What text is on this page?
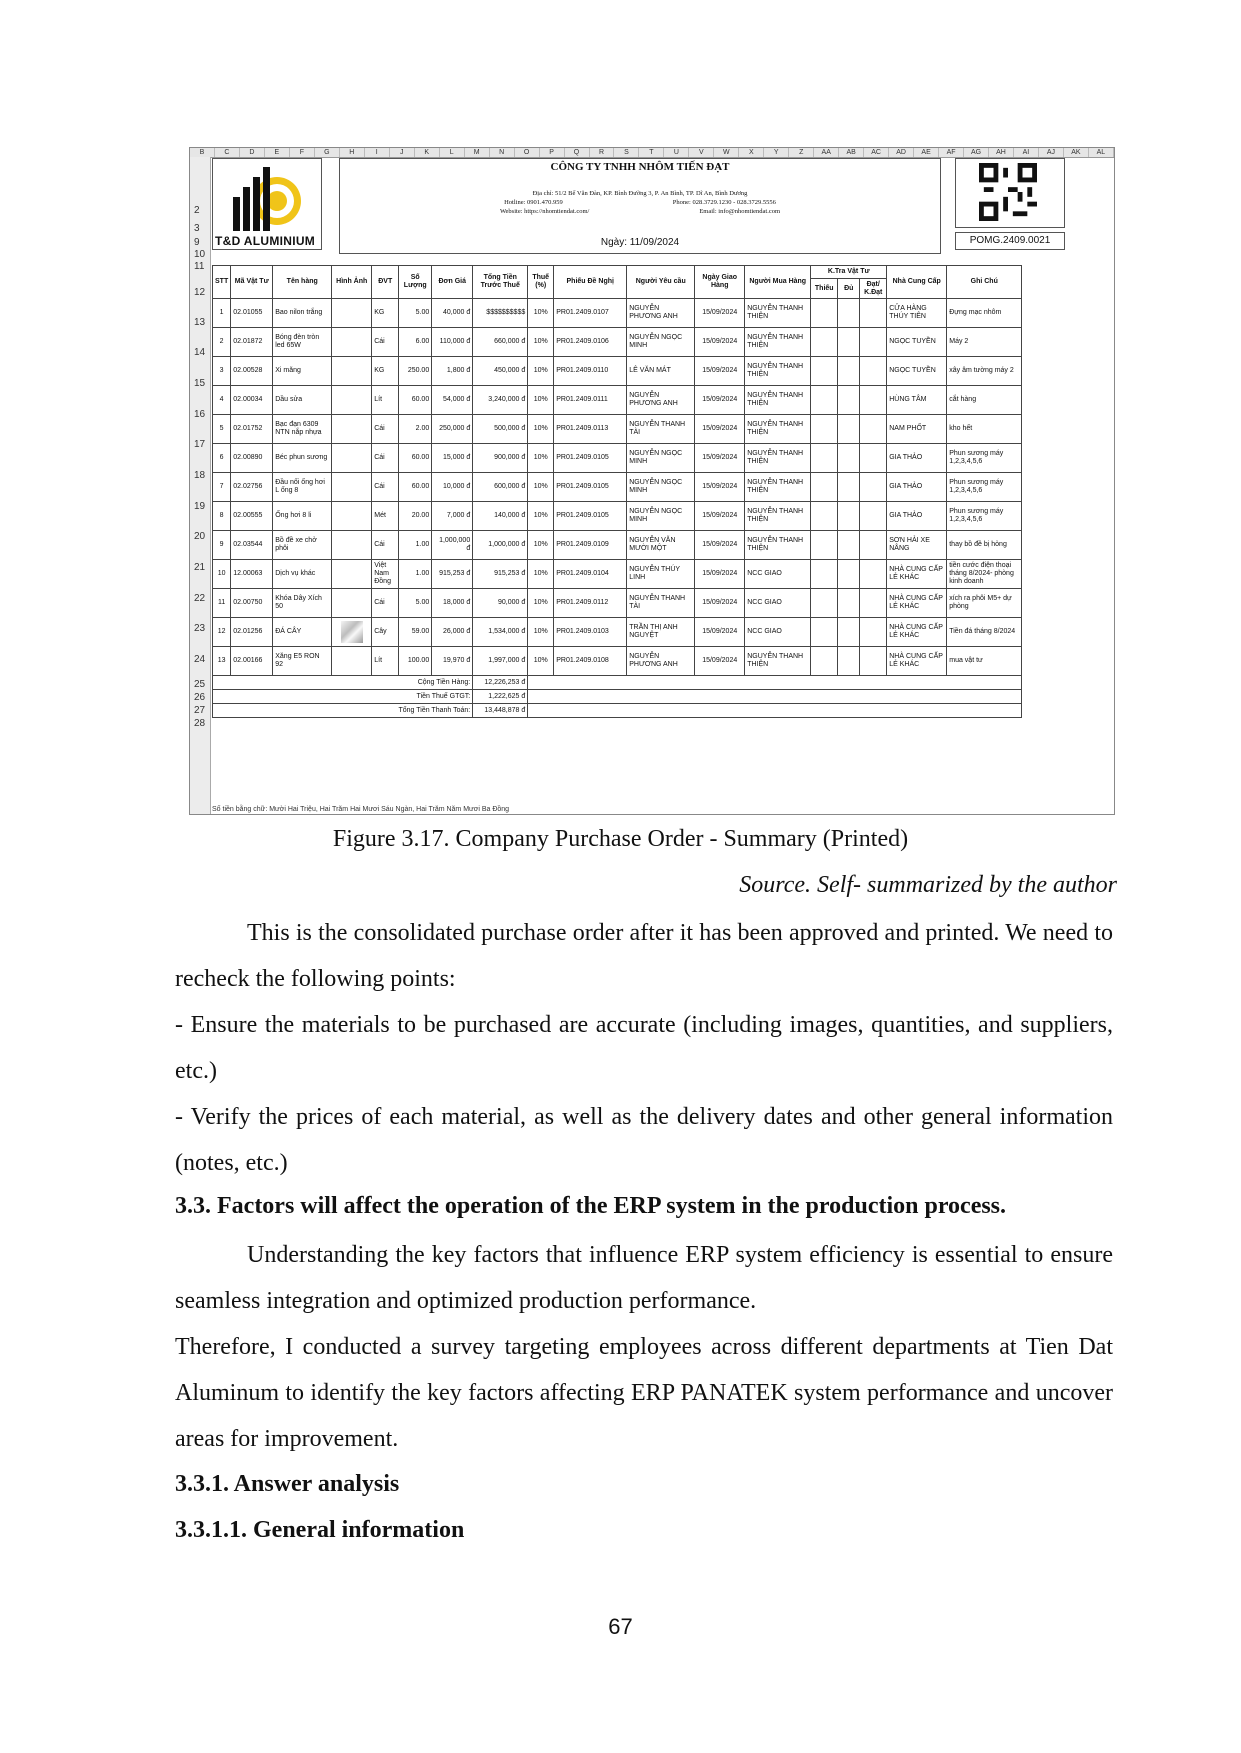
B	C	D	E	F	G	H	I	J	K	L	M	N	O	P	Q	R	S	T	U	V	W	X	Y	Z	AA	AB	AC	AD	AE	AF	AG	AH	AI	AJ	AK	AL
2
3
9
10
11
12
13
14
15
16
17
18
19
20
21
22
23
24
25
26
27
28
T&D ALUMINIUM
CÔNG TY TNHH NHÔM TIẾN ĐẠT
Địa chỉ: 51/2 Bế Văn Đàn, KP. Bình Đường 3, P. An Bình, TP. Dĩ An, Bình Dương
Hotline: 0901.470.959	Phone: 028.3729.1230 - 028.3729.5556
Website: https://nhomtiendat.com/	Email: info@nhomtiendat.com
Ngày: 11/09/2024	POMG.2409.0021
STT	Mã Vật Tư	Tên hàng	Hình Ảnh	ĐVT	Số Lượng	Đơn Giá	Tổng Tiền Trước Thuế	Thuế (%)	Phiếu Đề Nghị	Người Yêu cầu	Ngày Giao Hàng	Người Mua Hàng	K.Tra Vật Tư			Nhà Cung Cấp	Ghi Chú
													Thiếu	Đủ	Đạt/ K.Đạt		
1	02.01055	Bao nilon trắng		KG	5.00	40,000 đ	$$$$$$$$$$	10%	PR01.2409.0107	NGUYỄN PHƯƠNG ANH	15/09/2024	NGUYỄN THANH THIỆN				CỬA HÀNG THÚY TIÊN	Đựng mạc nhôm
2	02.01872	Bóng đèn tròn led 65W		Cái	6.00	110,000 đ	660,000 đ	10%	PR01.2409.0106	NGUYỄN NGỌC MINH	15/09/2024	NGUYỄN THANH THIỆN				NGỌC TUYỀN	Máy 2
3	02.00528	Xi măng		KG	250.00	1,800 đ	450,000 đ	10%	PR01.2409.0110	LÊ VĂN MÁT	15/09/2024	NGUYỄN THANH THIỆN				NGỌC TUYỀN	xây âm tường máy 2
4	02.00034	Dầu sửa		Lít	60.00	54,000 đ	3,240,000 đ	10%	PR01.2409.0111	NGUYỄN PHƯƠNG ANH	15/09/2024	NGUYỄN THANH THIỆN				HÙNG TÂM	cắt hàng
5	02.01752	Bạc đạn 6309 NTN nắp nhựa		Cái	2.00	250,000 đ	500,000 đ	10%	PR01.2409.0113	NGUYỄN THANH TÀI	15/09/2024	NGUYỄN THANH THIỆN				NAM PHỐT	kho hết
6	02.00890	Béc phun sương		Cái	60.00	15,000 đ	900,000 đ	10%	PR01.2409.0105	NGUYỄN NGỌC MINH	15/09/2024	NGUYỄN THANH THIỆN				GIA THẢO	Phun sương máy 1,2,3,4,5,6
7	02.02756	Đầu nối ống hơi L ống 8		Cái	60.00	10,000 đ	600,000 đ	10%	PR01.2409.0105	NGUYỄN NGỌC MINH	15/09/2024	NGUYỄN THANH THIỆN				GIA THẢO	Phun sương máy 1,2,3,4,5,6
8	02.00555	Ống hơi 8 li		Mét	20.00	7,000 đ	140,000 đ	10%	PR01.2409.0105	NGUYỄN NGỌC MINH	15/09/2024	NGUYỄN THANH THIỆN				GIA THẢO	Phun sương máy 1,2,3,4,5,6
9	02.03544	Bồ đề xe chở phôi		Cái	1.00	1,000,000 đ	1,000,000 đ	10%	PR01.2409.0109	NGUYỄN VĂN MƯỜI MỘT	15/09/2024	NGUYỄN THANH THIỆN				SƠN HẢI XE NÂNG	thay bồ đề bị hỏng
10	12.00063	Dịch vụ khác		Việt Nam Đồng	1.00	915,253 đ	915,253 đ	10%	PR01.2409.0104	NGUYỄN THÚY LINH	15/09/2024	NCC GIAO				NHÀ CUNG CẤP LẺ KHÁC	tiền cước điện thoại tháng 8/2024- phòng kinh doanh
11	02.00750	Khóa Dây Xích 50		Cái	5.00	18,000 đ	90,000 đ	10%	PR01.2409.0112	NGUYỄN THANH TÀI	15/09/2024	NCC GIAO				NHÀ CUNG CẤP LẺ KHÁC	xích ra phôi M5+ dự phòng
12	02.01256	ĐÁ CÂY		Cây	59.00	26,000 đ	1,534,000 đ	10%	PR01.2409.0103	TRẦN THỊ ANH NGUYỆT	15/09/2024	NCC GIAO				NHÀ CUNG CẤP LẺ KHÁC	Tiền đá tháng 8/2024
13	02.00166	Xăng E5 RON 92		Lít	100.00	19,970 đ	1,997,000 đ	10%	PR01.2409.0108	NGUYỄN PHƯƠNG ANH	15/09/2024	NGUYỄN THANH THIỆN				NHÀ CUNG CẤP LẺ KHÁC	mua vật tư
Cộng Tiền Hàng:							12,226,253 đ										
Tiền Thuế GTGT:							1,222,625 đ										
Tổng Tiền Thanh Toán:							13,448,878 đ										
Số tiền bằng chữ: Mười Hai Triệu, Hai Trăm Hai Mươi Sáu Ngàn, Hai Trăm Năm Mươi Ba Đồng
Figure 3.17. Company Purchase Order - Summary (Printed)
Source. Self- summarized by the author
This is the consolidated purchase order after it has been approved and printed. We need to recheck the following points:
- Ensure the materials to be purchased are accurate (including images, quantities, and suppliers, etc.)
- Verify the prices of each material, as well as the delivery dates and other general information (notes, etc.)
3.3. Factors will affect the operation of the ERP system in the production process.
Understanding the key factors that influence ERP system efficiency is essential to ensure seamless integration and optimized production performance.
Therefore, I conducted a survey targeting employees across different departments at Tien Dat Aluminum to identify the key factors affecting ERP PANATEK system performance and uncover areas for improvement.
3.3.1. Answer analysis
3.3.1.1. General information
67
